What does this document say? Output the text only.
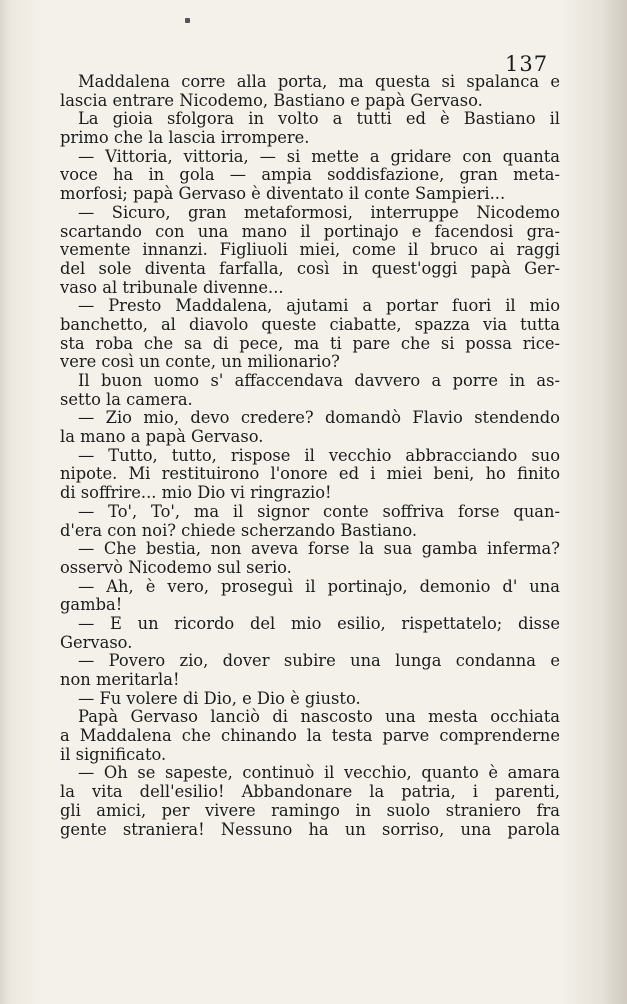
137
Maddalena corre alla porta, ma questa si spalanca e
lascia entrare Nicodemo, Bastiano e papà Gervaso.
La gioia sfolgora in volto a tutti ed è Bastiano il
primo che la lascia irrompere.
— Vittoria, vittoria, — si mette a gridare con quanta
voce ha in gola — ampia soddisfazione, gran meta-
morfosi; papà Gervaso è diventato il conte Sampieri...
— Sicuro, gran metaformosi, interruppe Nicodemo
scartando con una mano il portinajo e facendosi gra-
vemente innanzi. Figliuoli miei, come il bruco ai raggi
del sole diventa farfalla, così in quest'oggi papà Ger-
vaso al tribunale divenne...
— Presto Maddalena, ajutami a portar fuori il mio
banchetto, al diavolo queste ciabatte, spazza via tutta
sta roba che sa di pece, ma ti pare che si possa rice-
vere così un conte, un milionario?
Il buon uomo s' affaccendava davvero a porre in as-
setto la camera.
— Zio mio, devo credere? domandò Flavio stendendo
la mano a papà Gervaso.
— Tutto, tutto, rispose il vecchio abbracciando suo
nipote. Mi restituirono l'onore ed i miei beni, ho finito
di soffrire... mio Dio vi ringrazio!
— To', To', ma il signor conte soffriva forse quan-
d'era con noi? chiede scherzando Bastiano.
— Che bestia, non aveva forse la sua gamba inferma?
osservò Nicodemo sul serio.
— Ah, è vero, proseguì il portinajo, demonio d' una
gamba!
— E un ricordo del mio esilio, rispettatelo; disse
Gervaso.
— Povero zio, dover subire una lunga condanna e
non meritarla!
— Fu volere di Dio, e Dio è giusto.
Papà Gervaso lanciò di nascosto una mesta occhiata
a Maddalena che chinando la testa parve comprenderne
il significato.
— Oh se sapeste, continuò il vecchio, quanto è amara
la vita dell'esilio! Abbandonare la patria, i parenti,
gli amici, per vivere ramingo in suolo straniero fra
gente straniera! Nessuno ha un sorriso, una parola
